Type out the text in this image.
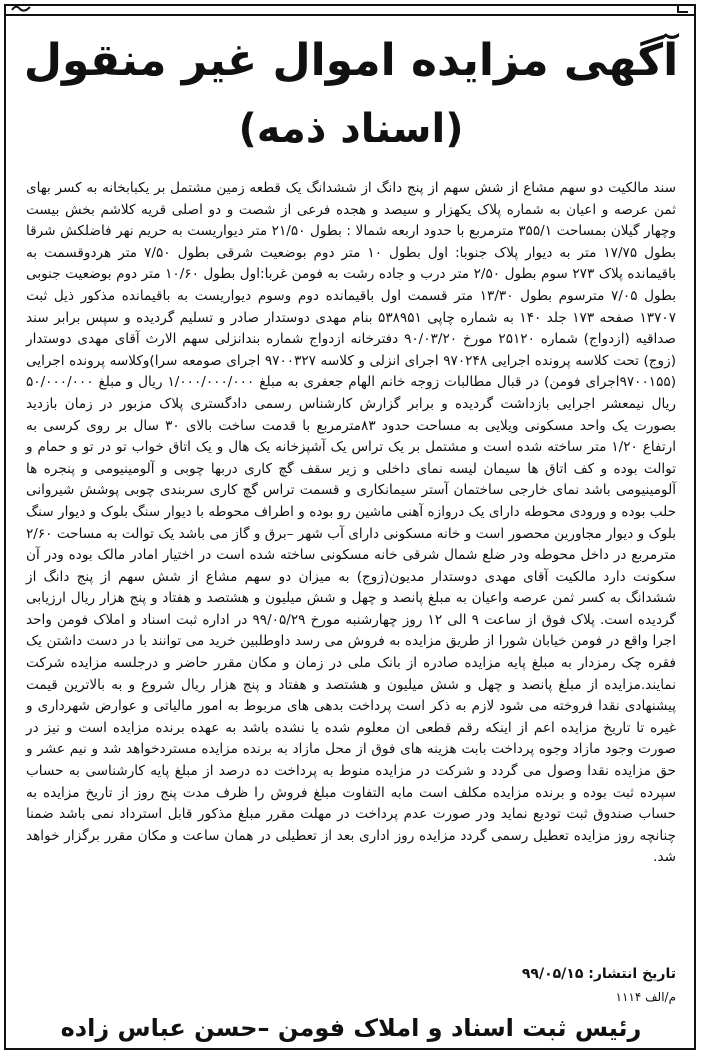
آگهی مزایده اموال غیر منقول
(اسناد ذمه)
سند مالکیت دو سهم مشاع از شش سهم از پنج دانگ از ششدانگ یک قطعه زمین مشتمل بر یکبابخانه به کسر بهای ثمن عرصه و اعیان به شماره پلاک یکهزار و سیصد و هجده فرعی از شصت و دو اصلی قریه کلاشم بخش بیست وچهار گیلان بمساحت ۳۵۵/۱ مترمربع با حدود اربعه شمالا : بطول ۲۱/۵۰ متر دیواریست به حریم نهر فاضلکش شرقا بطول ۱۷/۷۵ متر به دیوار پلاک جنوبا: اول بطول ۱۰ متر دوم بوضعیت شرقی بطول ۷/۵۰ متر هردوقسمت به باقیمانده پلاک ۲۷۳ سوم بطول ۲/۵۰ متر درب و جاده رشت به فومن غربا:اول بطول ۱۰/۶۰ متر دوم بوضعیت جنوبی بطول ۷/۰۵ مترسوم بطول ۱۳/۳۰ متر قسمت اول باقیمانده دوم وسوم دیواریست به باقیمانده مذکور ذیل ثبت ۱۳۷۰۷ صفحه ۱۷۳ جلد ۱۴۰ به شماره چاپی ۵۳۸۹۵۱ بنام مهدی دوستدار صادر و تسلیم گردیده و سپس برابر سند صداقیه (ازدواج) شماره ۲۵۱۲۰ مورخ ۹۰/۰۳/۲۰ دفترخانه ازدواج شماره بندانزلی سهم الارث آقای مهدی دوستدار (زوج) تحت کلاسه پرونده اجرایی ۹۷۰۲۴۸ اجرای انزلی و کلاسه ۹۷۰۰۳۲۷ اجرای صومعه سرا)وکلاسه پرونده اجرایی (۹۷۰۰۱۵۵اجرای فومن) در قبال مطالبات زوجه خانم الهام جعفری به مبلغ ۱/۰۰۰/۰۰۰/۰۰۰ ریال و مبلغ ۵۰/۰۰۰/۰۰۰ ریال نیمعشر اجرایی بازداشت گردیده و برابر گزارش کارشناس رسمی دادگستری پلاک مزبور در زمان بازدید بصورت یک واحد مسکونی ویلایی به مساحت حدود ۸۳مترمربع با قدمت ساخت بالای ۳۰ سال بر روی کرسی به ارتفاع ۱/۲۰ متر ساخته شده است و مشتمل بر یک تراس یک آشپزخانه یک هال و یک اتاق خواب تو در تو و حمام و توالت بوده و کف اتاق ها سیمان لیسه نمای داخلی و زیر سقف گچ کاری دربها چوبی و آلومینیومی و پنجره ها آلومینیومی باشد نمای خارجی ساختمان آستر سیمانکاری و قسمت تراس گچ کاری سربندی چوبی پوشش شیروانی حلب بوده و ورودی محوطه دارای یک دروازه آهنی ماشین رو بوده و اطراف محوطه با دیوار سنگ بلوک و دیوار سنگ بلوک و دیوار مجاورین محصور است و خانه مسکونی دارای آب شهر –برق و گاز می باشد یک توالت به مساحت ۲/۶۰ مترمربع در داخل محوطه ودر ضلع شمال شرقی خانه مسکونی ساخته شده است در اختیار امادر مالک بوده ودر آن سکونت دارد مالکیت آقای مهدی دوستدار مدیون(زوج) به میزان دو سهم مشاع از شش سهم از پنج دانگ از ششدانگ به کسر ثمن عرصه واعیان به مبلغ پانصد و چهل و شش میلیون و هشتصد و هفتاد و پنج هزار ریال ارزیابی گردیده است. پلاک فوق از ساعت ۹ الی ۱۲ روز چهارشنبه مورخ ۹۹/۰۵/۲۹ در اداره ثبت اسناد و املاک فومن واحد اجرا واقع در فومن خیابان شورا از طریق مزایده به فروش می رسد داوطلبین خرید می توانند با در دست داشتن یک فقره چک رمزدار به مبلغ پایه مزایده صادره از بانک ملی در زمان و مکان مقرر حاضر و درجلسه مزایده شرکت نمایند.مزایده از مبلغ پانصد و چهل و شش میلیون و هشتصد و هفتاد و پنج هزار ریال شروع و به بالاترین قیمت پیشنهادی نقدا فروخته می شود لازم به ذکر است پرداخت بدهی های مربوط به امور مالیاتی و عوارض شهرداری و غیره تا تاریخ مزایده اعم از اینکه رقم قطعی ان معلوم شده یا نشده باشد به عهده برنده مزایده است و نیز در صورت وجود مازاد وجوه پرداخت بابت هزینه های فوق از محل مازاد به برنده مزایده مستردخواهد شد و نیم عشر و حق مزایده نقدا وصول می گردد و شرکت در مزایده منوط به پرداخت ده درصد از مبلغ پایه کارشناسی به حساب سپرده ثبت بوده و برنده مزایده مکلف است مابه التفاوت مبلغ فروش را ظرف مدت پنج روز از تاریخ مزایده به حساب صندوق ثبت تودیع نماید ودر صورت عدم پرداخت در مهلت مقرر مبلغ مذکور قابل استرداد نمی باشد ضمنا چنانچه روز مزایده تعطیل رسمی گردد مزایده روز اداری بعد از تعطیلی در همان ساعت و مکان مقرر برگزار خواهد شد.
تاریخ انتشار: ۹۹/۰۵/۱۵
م/الف ۱۱۱۴
رئیس ثبت اسناد و املاک فومن –حسن عباس زاده
